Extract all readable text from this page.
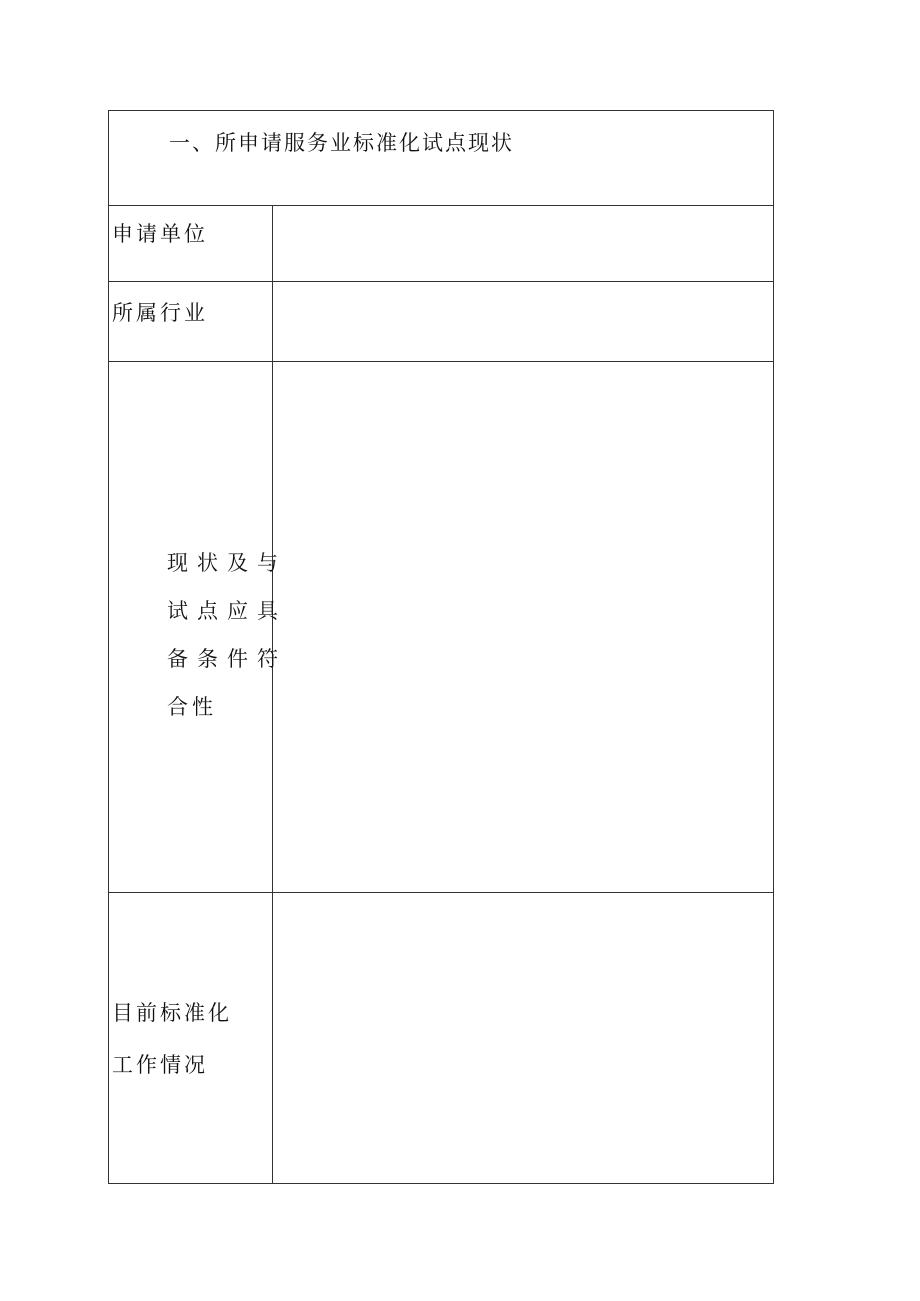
一、所申请服务业标准化试点现状
申请单位
所属行业
现状及与
试点应具
备条件符
合性
目前标准化
工作情况
